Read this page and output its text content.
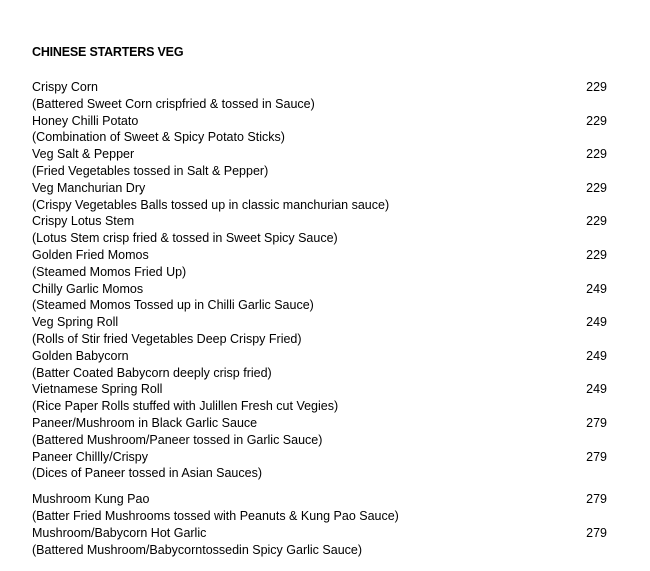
CHINESE STARTERS VEG
Crispy Corn	229
(Battered Sweet Corn crispfried & tossed in Sauce)
Honey Chilli Potato	229
(Combination of Sweet & Spicy Potato Sticks)
Veg Salt & Pepper	229
(Fried Vegetables tossed in Salt & Pepper)
Veg Manchurian Dry	229
(Crispy Vegetables Balls tossed up in classic manchurian sauce)
Crispy Lotus Stem	229
(Lotus Stem crisp fried & tossed in Sweet Spicy Sauce)
Golden Fried Momos	229
(Steamed Momos Fried Up)
Chilly Garlic Momos	249
(Steamed Momos Tossed up in Chilli Garlic Sauce)
Veg Spring Roll	249
(Rolls of Stir fried Vegetables Deep Crispy Fried)
Golden Babycorn	249
(Batter Coated Babycorn deeply crisp fried)
Vietnamese Spring Roll	249
(Rice Paper Rolls stuffed with Julillen Fresh cut Vegies)
Paneer/Mushroom in Black Garlic Sauce	279
(Battered Mushroom/Paneer tossed in Garlic Sauce)
Paneer Chillly/Crispy	279
(Dices of Paneer tossed in Asian Sauces)
Mushroom Kung Pao	279
(Batter Fried Mushrooms tossed with Peanuts & Kung Pao Sauce)
Mushroom/Babycorn Hot Garlic	279
(Battered Mushroom/Babycorntossedin Spicy Garlic Sauce)
